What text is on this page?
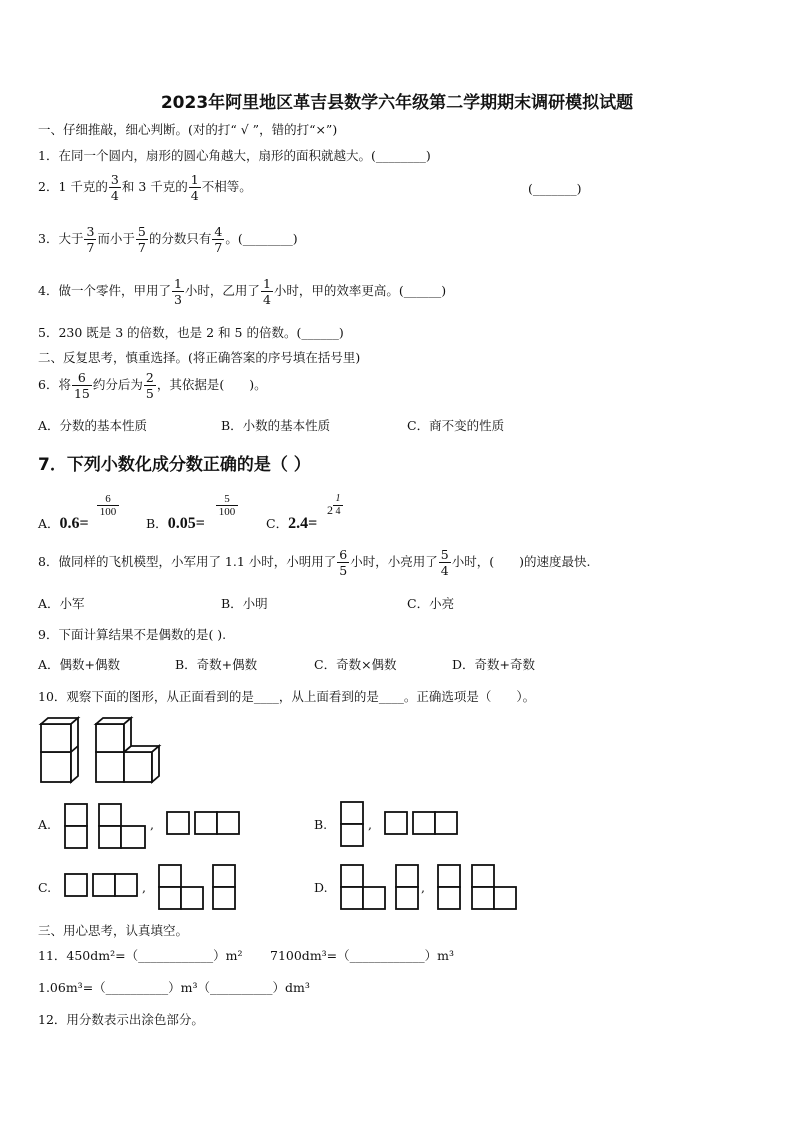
2023年阿里地区革吉县数学六年级第二学期期末调研模拟试题
一、仔细推敲，细心判断。(对的打“ √ ”，错的打“×”)
1．在同一个圆内，扇形的圆心角越大，扇形的面积就越大。(________)
2．1 千克的 $\frac{3}{4}$ 和 3 千克的 $\frac{1}{4}$ 不相等。	(_______)
3．大于 $\frac{3}{7}$ 而小于 $\frac{5}{7}$ 的分数只有 $\frac{4}{7}$ 。(________)
4．做一个零件，甲用了 $\frac{1}{3}$ 小时，乙用了 $\frac{1}{4}$ 小时，甲的效率更高。(______)
5．230 既是 3 的倍数，也是 2 和 5 的倍数。(______)
二、反复思考，慎重选择。(将正确答案的序号填在括号里)
6．将 $\frac{6}{15}$ 约分后为 $\frac{2}{5}$ ，其依据是(　　)。
A．分数的基本性质	B．小数的基本性质	C．商不变的性质
7．下列小数化成分数正确的是（ ）
A．0.6=
6
100
B．0.05=
5
100
C．2.4=
2
1
4
8．做同样的飞机模型，小军用了 1.1 小时，小明用了 $\frac{6}{5}$ 小时，小亮用了 $\frac{5}{4}$ 小时，(　　)的速度最快.
A．小军	B．小明	C．小亮
9．下面计算结果不是偶数的是( ).
A．偶数+偶数	B．奇数+偶数	C．奇数×偶数	D．奇数+奇数
10．观察下面的图形，从正面看到的是____，从上面看到的是____。正确选项是（　　）。
A.	,	B.	,
C.	,	D.	,
三、用心思考，认真填空。
11．450dm²=（____________）m² 7100dm³=（____________）m³
1.06m³=（__________）m³（__________）dm³
12．用分数表示出涂色部分。
